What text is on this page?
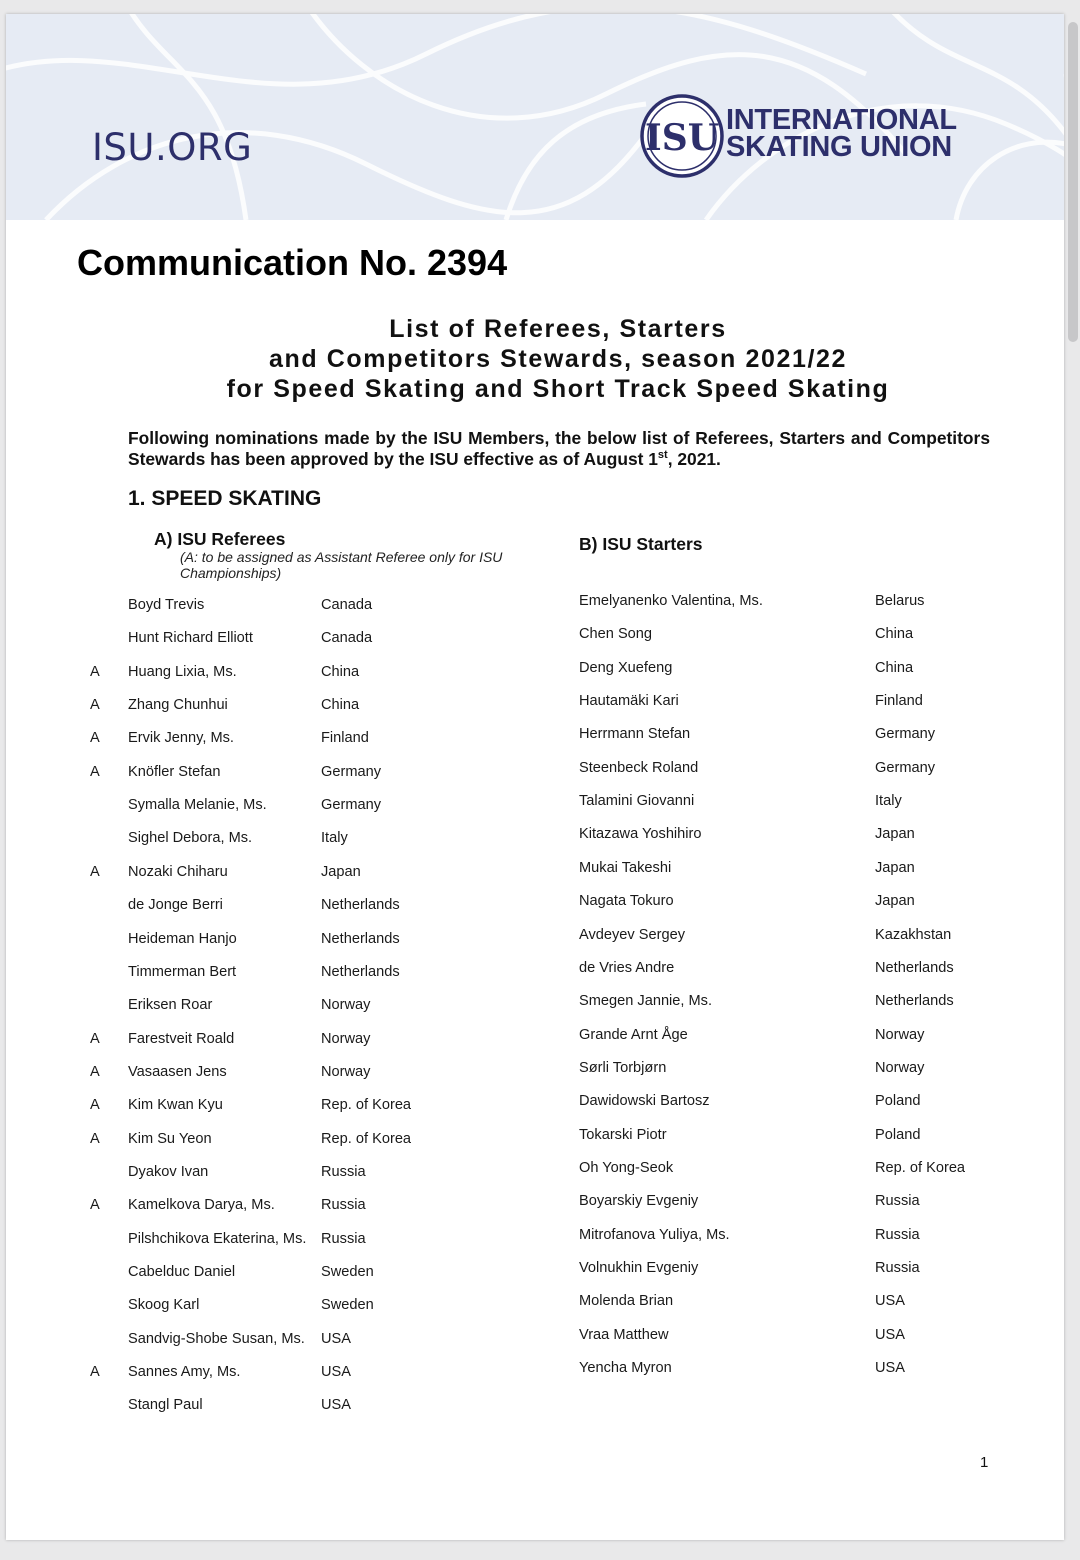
ISU.ORG	ISU INTERNATIONAL
SKATING UNION
Communication No. 2394
List of Referees, Starters
and Competitors Stewards, season 2021/22
for Speed Skating and Short Track Speed Skating
Following nominations made by the ISU Members, the below list of Referees, Starters and Competitors Stewards has been approved by the ISU effective as of August 1st, 2021.
1. SPEED SKATING
A) ISU Referees
(A: to be assigned as Assistant Referee only for ISU Championships)
B) ISU Starters
Boyd Trevis	Canada
Hunt Richard Elliott	Canada
A Huang Lixia, Ms.	China
A Zhang Chunhui	China
A Ervik Jenny, Ms.	Finland
A Knöfler Stefan	Germany
Symalla Melanie, Ms.	Germany
Sighel Debora, Ms.	Italy
A Nozaki Chiharu	Japan
de Jonge Berri	Netherlands
Heideman Hanjo	Netherlands
Timmerman Bert	Netherlands
Eriksen Roar	Norway
A Farestveit Roald	Norway
A Vasaasen Jens	Norway
A Kim Kwan Kyu	Rep. of Korea
A Kim Su Yeon	Rep. of Korea
Dyakov Ivan	Russia
A Kamelkova Darya, Ms.	Russia
Pilshchikova Ekaterina, Ms. Russia
Cabelduc Daniel	Sweden
Skoog Karl	Sweden
Sandvig-Shobe Susan, Ms. USA
A Sannes Amy, Ms.	USA
Stangl Paul	USA
Emelyanenko Valentina, Ms.	Belarus
Chen Song	China
Deng Xuefeng	China
Hautamäki Kari	Finland
Herrmann Stefan	Germany
Steenbeck Roland	Germany
Talamini Giovanni	Italy
Kitazawa Yoshihiro	Japan
Mukai Takeshi	Japan
Nagata Tokuro	Japan
Avdeyev Sergey	Kazakhstan
de Vries Andre	Netherlands
Smegen Jannie, Ms.	Netherlands
Grande Arnt Åge	Norway
Sørli Torbjørn	Norway
Dawidowski Bartosz	Poland
Tokarski Piotr	Poland
Oh Yong-Seok	Rep. of Korea
Boyarskiy Evgeniy	Russia
Mitrofanova Yuliya, Ms.	Russia
Volnukhin Evgeniy	Russia
Molenda Brian	USA
Vraa Matthew	USA
Yencha Myron	USA
1
